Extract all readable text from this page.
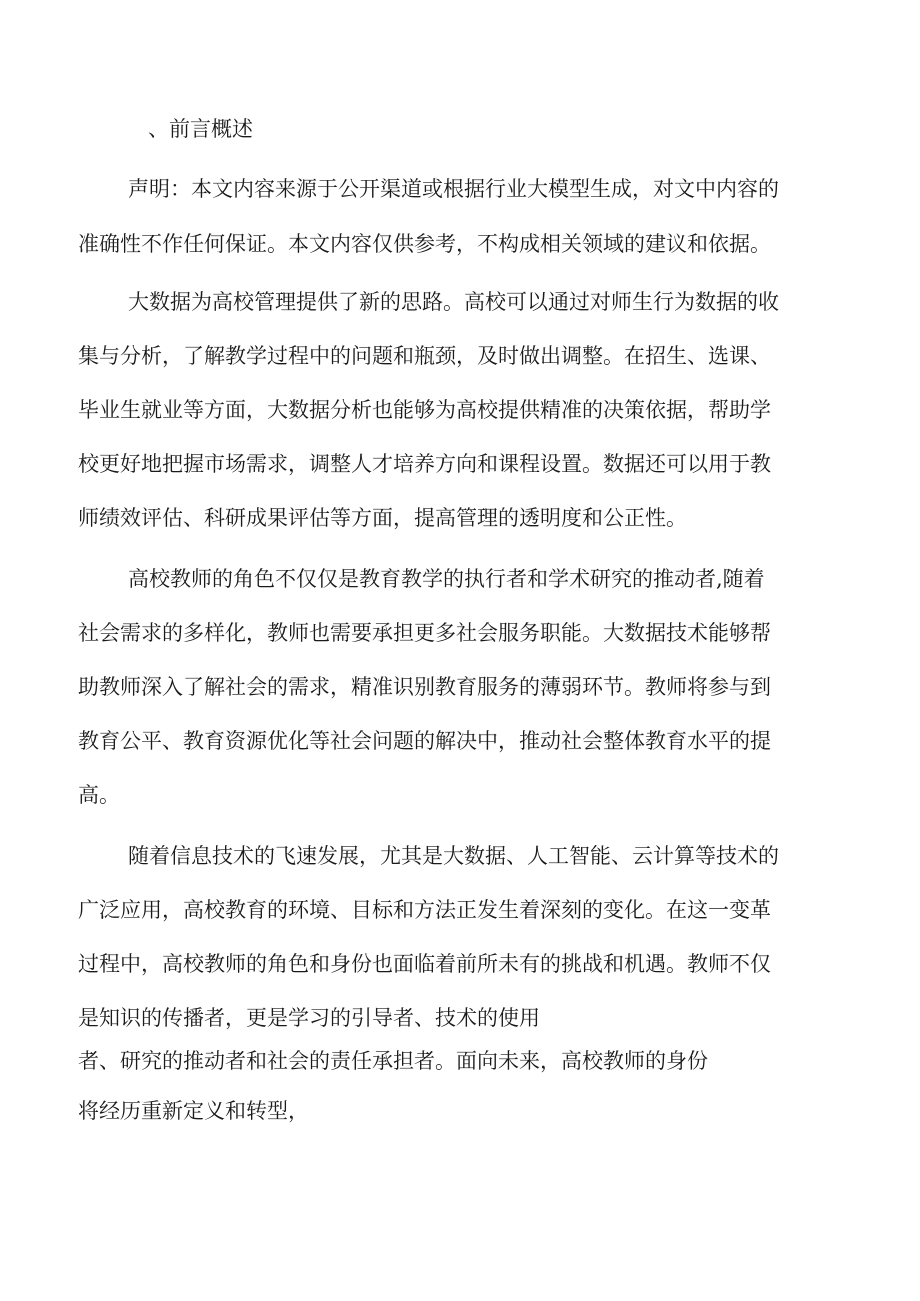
、前言概述
声明：本文内容来源于公开渠道或根据行业大模型生成，对文中内容的
准确性不作任何保证。本文内容仅供参考，不构成相关领域的建议和依据。
大数据为高校管理提供了新的思路。高校可以通过对师生行为数据的收
集与分析，了解教学过程中的问题和瓶颈，及时做出调整。在招生、选课、
毕业生就业等方面，大数据分析也能够为高校提供精准的决策依据，帮助学
校更好地把握市场需求，调整人才培养方向和课程设置。数据还可以用于教
师绩效评估、科研成果评估等方面，提高管理的透明度和公正性。
高校教师的角色不仅仅是教育教学的执行者和学术研究的推动者,随着
社会需求的多样化，教师也需要承担更多社会服务职能。大数据技术能够帮
助教师深入了解社会的需求，精准识别教育服务的薄弱环节。教师将参与到
教育公平、教育资源优化等社会问题的解决中，推动社会整体教育水平的提
高。
随着信息技术的飞速发展，尤其是大数据、人工智能、云计算等技术的
广泛应用，高校教育的环境、目标和方法正发生着深刻的变化。在这一变革
过程中，高校教师的角色和身份也面临着前所未有的挑战和机遇。教师不仅
是知识的传播者，更是学习的引导者、技术的使用
者、研究的推动者和社会的责任承担者。面向未来，高校教师的身份
将经历重新定义和转型，
